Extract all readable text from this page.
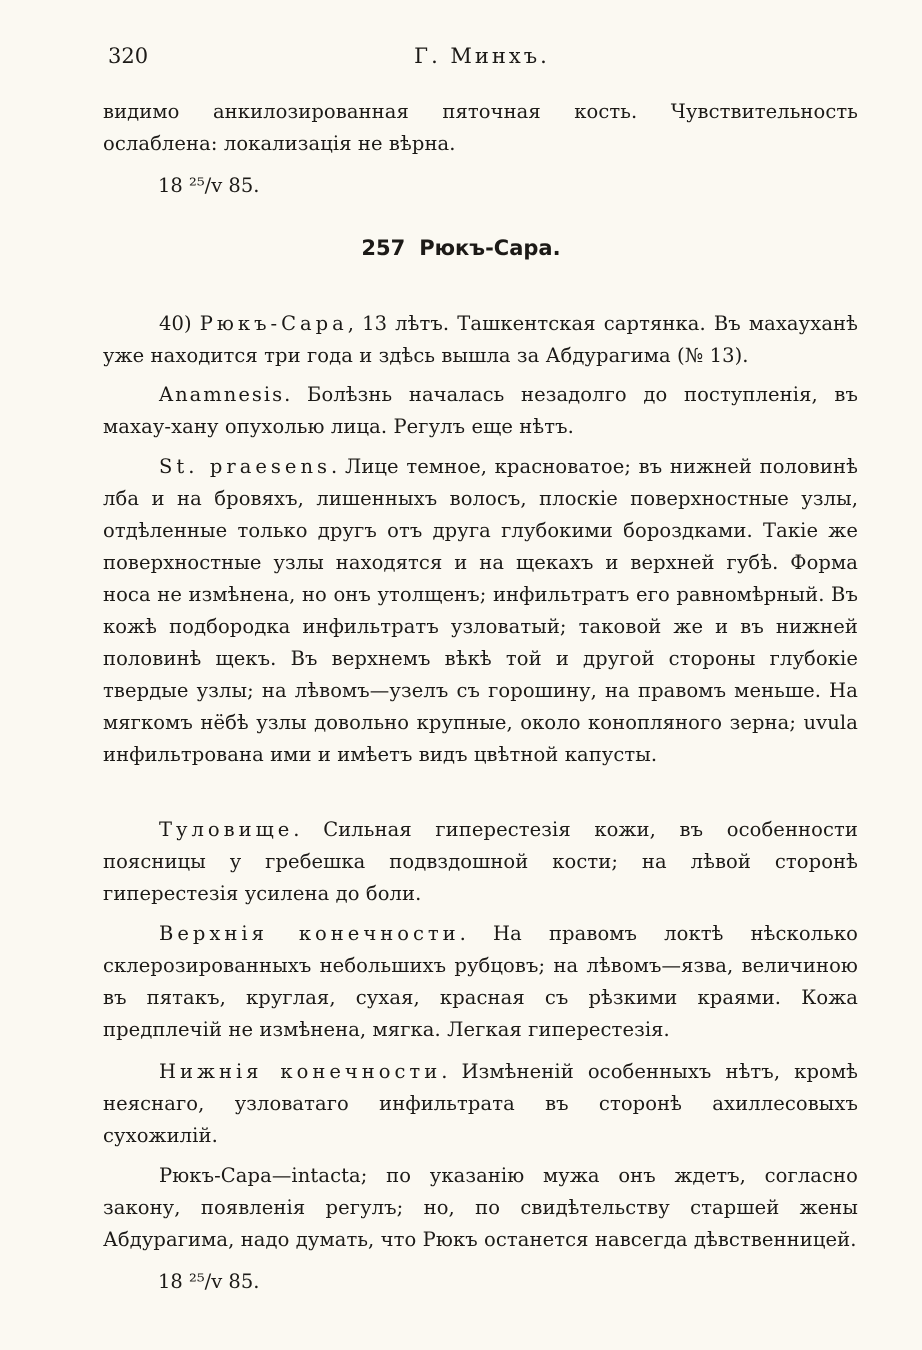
320	Г. Минхъ.

видимо анкилозированная пяточная кость. Чувствительность ослаблена: локализація не вѣрна.

18 ²⁵/v 85.

257 Рюкъ-Сара.

40) Рюкъ-Сара, 13 лѣтъ. Ташкентская сартянка. Въ махауханѣ уже находится три года и здѣсь вышла за Абдурагима (№ 13).

Anamnesis. Болѣзнь началась незадолго до поступленія, въ махау-хану опухолью лица. Регулъ еще нѣтъ.

St. praesens. Лице темное, красноватое; въ нижней половинѣ лба и на бровяхъ, лишенныхъ волосъ, плоскіе поверхностные узлы, отдѣленные только другъ отъ друга глубокими бороздками. Такіе же поверхностные узлы находятся и на щекахъ и верхней губѣ. Форма носа не измѣнена, но онъ утолщенъ; инфильтратъ его равномѣрный. Въ кожѣ подбородка инфильтратъ узловатый; таковой же и въ нижней половинѣ щекъ. Въ верхнемъ вѣкѣ той и другой стороны глубокіе твердые узлы; на лѣвомъ—узелъ съ горошину, на правомъ меньше. На мягкомъ нёбѣ узлы довольно крупные, около конопляного зерна; uvula инфильтрована ими и имѣетъ видъ цвѣтной капусты.

Туловище. Сильная гиперестезія кожи, въ особенности поясницы у гребешка подвздошной кости; на лѣвой сторонѣ гиперестезія усилена до боли.

Верхнія конечности. На правомъ локтѣ нѣсколько склерозированныхъ небольшихъ рубцовъ; на лѣвомъ—язва, величиною въ пятакъ, круглая, сухая, красная съ рѣзкими краями. Кожа предплечій не измѣнена, мягка. Легкая гиперестезія.

Нижнія конечности. Измѣненій особенныхъ нѣтъ, кромѣ неяснаго, узловатаго инфильтрата въ сторонѣ ахиллесовыхъ сухожилій.

Рюкъ-Сара—intacta; по указанію мужа онъ ждетъ, согласно закону, появленія регулъ; но, по свидѣтельству старшей жены Абдурагима, надо думать, что Рюкъ останется навсегда дѣвственницей.

18 ²⁵/v 85.
